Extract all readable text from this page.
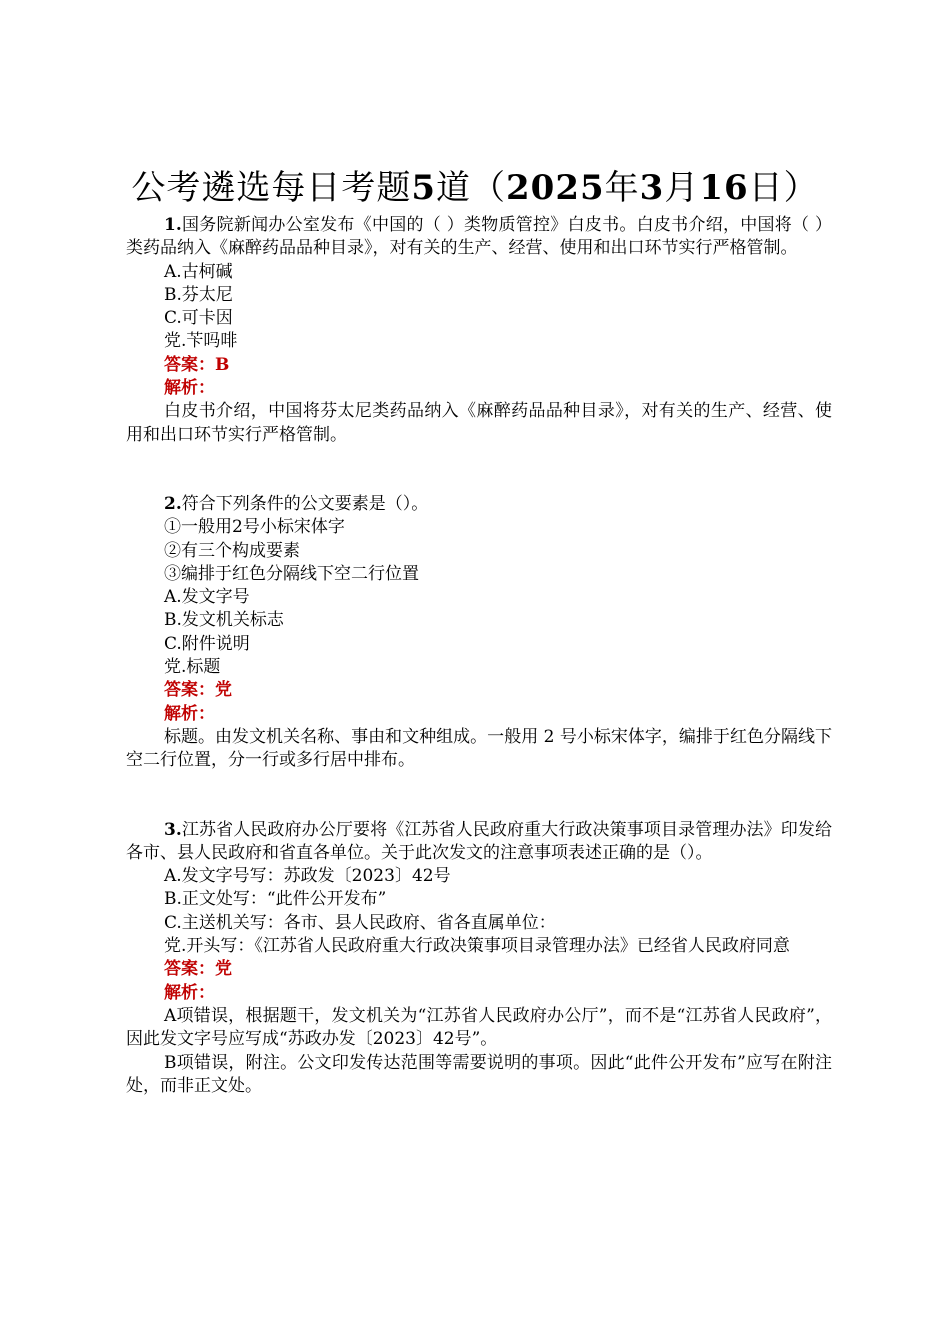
公考遴选每日考题5道（2025年3月16日）

1.国务院新闻办公室发布《中国的（ ）类物质管控》白皮书。白皮书介绍，中国将（ ）类药品纳入《麻醉药品品种目录》，对有关的生产、经营、使用和出口环节实行严格管制。

A.古柯碱

B.芬太尼

C.可卡因

党.苄吗啡

答案：B

解析：

白皮书介绍，中国将芬太尼类药品纳入《麻醉药品品种目录》，对有关的生产、经营、使用和出口环节实行严格管制。

2.符合下列条件的公文要素是（）。

①一般用2号小标宋体字

②有三个构成要素

③编排于红色分隔线下空二行位置

A.发文字号

B.发文机关标志

C.附件说明

党.标题

答案：党

解析：

标题。由发文机关名称、事由和文种组成。一般用 2 号小标宋体字，编排于红色分隔线下空二行位置，分一行或多行居中排布。

3.江苏省人民政府办公厅要将《江苏省人民政府重大行政决策事项目录管理办法》印发给各市、县人民政府和省直各单位。关于此次发文的注意事项表述正确的是（）。

A.发文字号写：苏政发〔2023〕42号

B.正文处写：“此件公开发布”

C.主送机关写：各市、县人民政府、省各直属单位：

党.开头写：《江苏省人民政府重大行政决策事项目录管理办法》已经省人民政府同意

答案：党

解析：

A项错误，根据题干，发文机关为“江苏省人民政府办公厅”，而不是“江苏省人民政府”，因此发文字号应写成“苏政办发〔2023〕42号”。

B项错误，附注。公文印发传达范围等需要说明的事项。因此“此件公开发布”应写在附注处，而非正文处。
